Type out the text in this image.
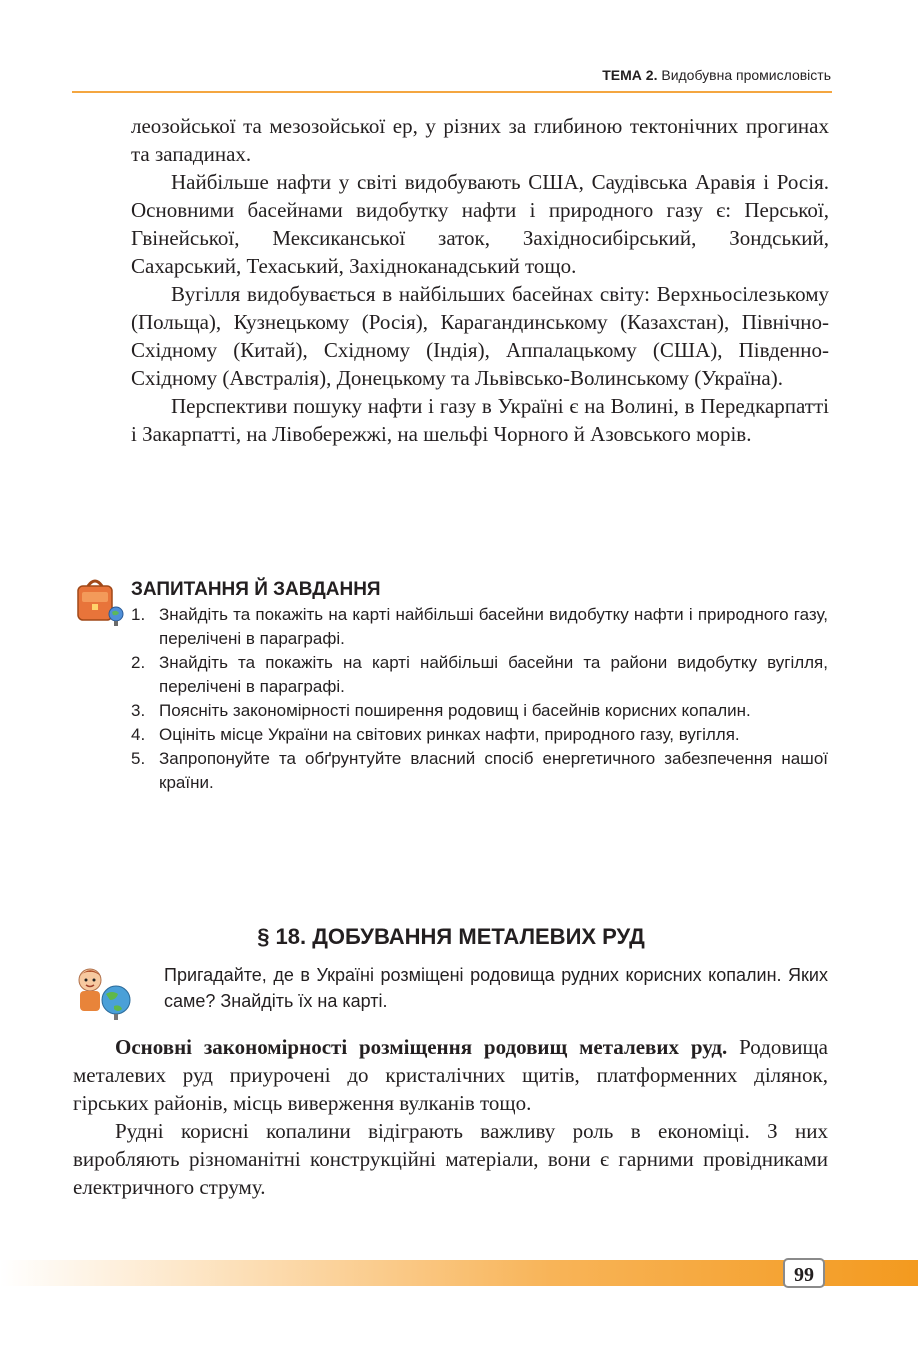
ТЕМА 2. Видобувна промисловість

леозойської та мезозойської ер, у різних за глибиною тектонічних прогинах та западинах.

Найбільше нафти у світі видобувають США, Саудівська Аравія і Росія. Основними басейнами видобутку нафти і природного газу є: Перської, Гвінейської, Мексиканської заток, Західносибірський, Зондський, Сахарський, Техаський, Західноканадський тощо.

Вугілля видобувається в найбільших басейнах світу: Верхньосілезькому (Польща), Кузнецькому (Росія), Карагандинському (Казахстан), Північно-Східному (Китай), Східному (Індія), Аппалацькому (США), Південно-Східному (Австралія), Донецькому та Львівсько-Волинському (Україна).

Перспективи пошуку нафти і газу в Україні є на Волині, в Передкарпатті і Закарпатті, на Лівобережжі, на шельфі Чорного й Азовського морів.

ЗАПИТАННЯ Й ЗАВДАННЯ
1. Знайдіть та покажіть на карті найбільші басейни видобутку нафти і природного газу, перелічені в параграфі.
2. Знайдіть та покажіть на карті найбільші басейни та райони видобутку вугілля, перелічені в параграфі.
3. Поясніть закономірності поширення родовищ і басейнів корисних копалин.
4. Оцініть місце України на світових ринках нафти, природного газу, вугілля.
5. Запропонуйте та обґрунтуйте власний спосіб енергетичного забезпечення нашої країни.
§ 18. ДОБУВАННЯ МЕТАЛЕВИХ РУД
Пригадайте, де в Україні розміщені родовища рудних корисних копалин. Яких саме? Знайдіть їх на карті.

Основні закономірності розміщення родовищ металевих руд. Родовища металевих руд приурочені до кристалічних щитів, платформенних ділянок, гірських районів, місць виверження вулканів тощо.

Рудні корисні копалини відіграють важливу роль в економіці. З них виробляють різноманітні конструкційні матеріали, вони є гарними провідниками електричного струму.

99
